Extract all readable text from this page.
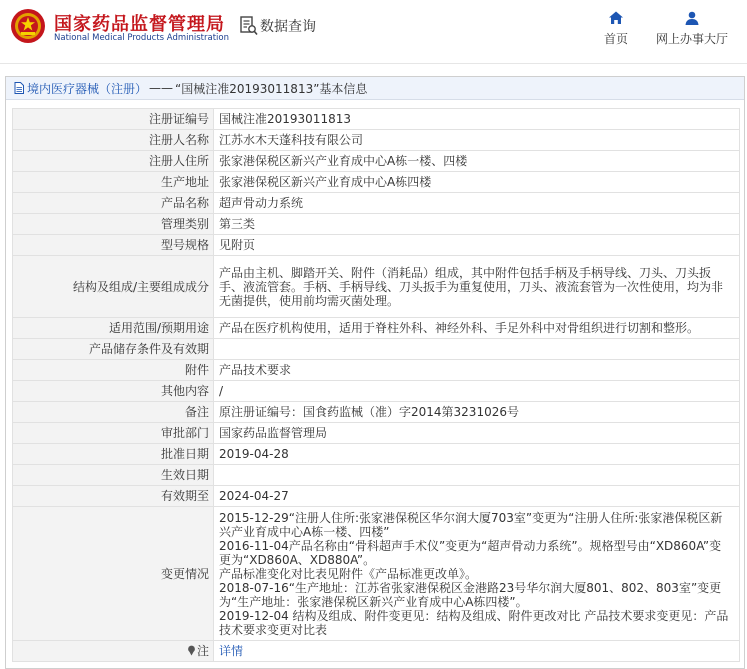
国家药品监督管理局
National Medical Products Administration
数据查询
首页	网上办事大厅
境内医疗器械（注册） —— “国械注准20193011813”基本信息
注册证编号	国械注准20193011813
注册人名称	江苏水木天蓬科技有限公司
注册人住所	张家港保税区新兴产业育成中心A栋一楼、四楼
生产地址	张家港保税区新兴产业育成中心A栋四楼
产品名称	超声骨动力系统
管理类别	第三类
型号规格	见附页
结构及组成/主要组成成分	产品由主机、脚踏开关、附件（消耗品）组成，其中附件包括手柄及手柄导线、刀头、刀头扳手、液流管套。手柄、手柄导线、刀头扳手为重复使用，刀头、液流套管为一次性使用，均为非无菌提供，使用前均需灭菌处理。
适用范围/预期用途	产品在医疗机构使用，适用于脊柱外科、神经外科、手足外科中对骨组织进行切割和整形。
产品储存条件及有效期	
附件	产品技术要求
其他内容	/
备注	原注册证编号：国食药监械（准）字2014第3231026号
审批部门	国家药品监督管理局
批准日期	2019-04-28
生效日期	
有效期至	2024-04-27
变更情况	2015-12-29“注册人住所:张家港保税区华尔润大厦703室”变更为“注册人住所:张家港保税区新兴产业育成中心A栋一楼、四楼”
2016-11-04产品名称由“骨科超声手术仪”变更为“超声骨动力系统”。规格型号由“XD860A”变更为“XD860A、XD880A”。
产品标准变化对比表见附件《产品标准更改单》。
2018-07-16“生产地址：江苏省张家港保税区金港路23号华尔润大厦801、802、803室”变更为“生产地址：张家港保税区新兴产业育成中心A栋四楼”。
2019-12-04 结构及组成、附件变更见：结构及组成、附件更改对比 产品技术要求变更见：产品技术要求变更对比表
注	详情
